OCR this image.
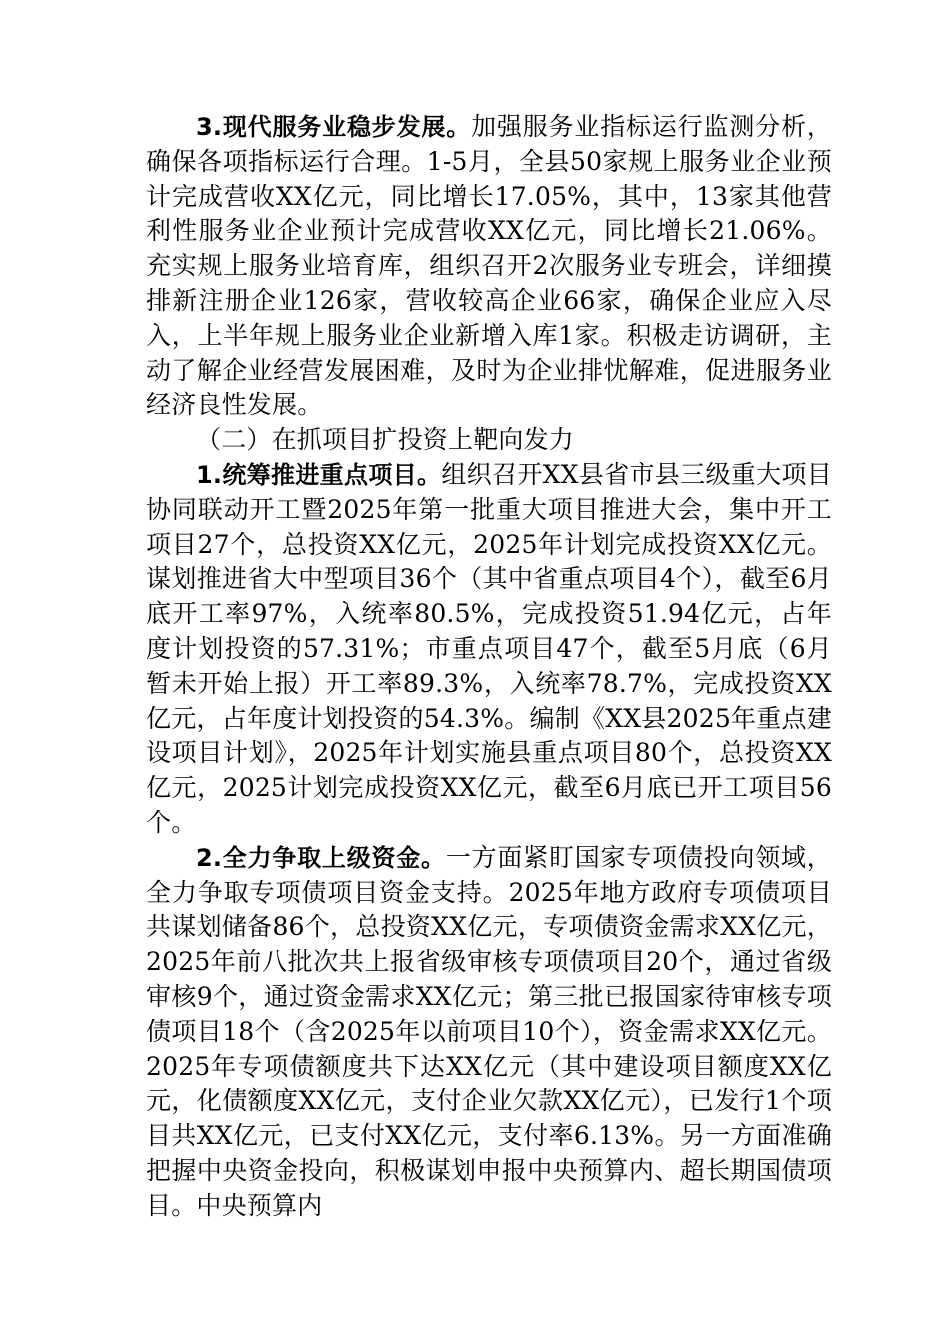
3.现代服务业稳步发展。加强服务业指标运行监测分析，确保各项指标运行合理。1-5月，全县50家规上服务业企业预计完成营收XX亿元，同比增长17.05%，其中，13家其他营利性服务业企业预计完成营收XX亿元，同比增长21.06%。充实规上服务业培育库，组织召开2次服务业专班会，详细摸排新注册企业126家，营收较高企业66家，确保企业应入尽入，上半年规上服务业企业新增入库1家。积极走访调研，主动了解企业经营发展困难，及时为企业排忧解难，促进服务业经济良性发展。

（二）在抓项目扩投资上靶向发力

1.统筹推进重点项目。组织召开XX县省市县三级重大项目协同联动开工暨2025年第一批重大项目推进大会，集中开工项目27个，总投资XX亿元，2025年计划完成投资XX亿元。谋划推进省大中型项目36个（其中省重点项目4个），截至6月底开工率97%，入统率80.5%，完成投资51.94亿元，占年度计划投资的57.31%；市重点项目47个，截至5月底（6月暂未开始上报）开工率89.3%，入统率78.7%，完成投资XX亿元，占年度计划投资的54.3%。编制《XX县2025年重点建设项目计划》，2025年计划实施县重点项目80个，总投资XX亿元，2025计划完成投资XX亿元，截至6月底已开工项目56个。

2.全力争取上级资金。一方面紧盯国家专项债投向领域，全力争取专项债项目资金支持。2025年地方政府专项债项目共谋划储备86个，总投资XX亿元，专项债资金需求XX亿元，2025年前八批次共上报省级审核专项债项目20个，通过省级审核9个，通过资金需求XX亿元；第三批已报国家待审核专项债项目18个（含2025年以前项目10个），资金需求XX亿元。2025年专项债额度共下达XX亿元（其中建设项目额度XX亿元，化债额度XX亿元，支付企业欠款XX亿元），已发行1个项目共XX亿元，已支付XX亿元，支付率6.13%。另一方面准确把握中央资金投向，积极谋划申报中央预算内、超长期国债项目。中央预算内
